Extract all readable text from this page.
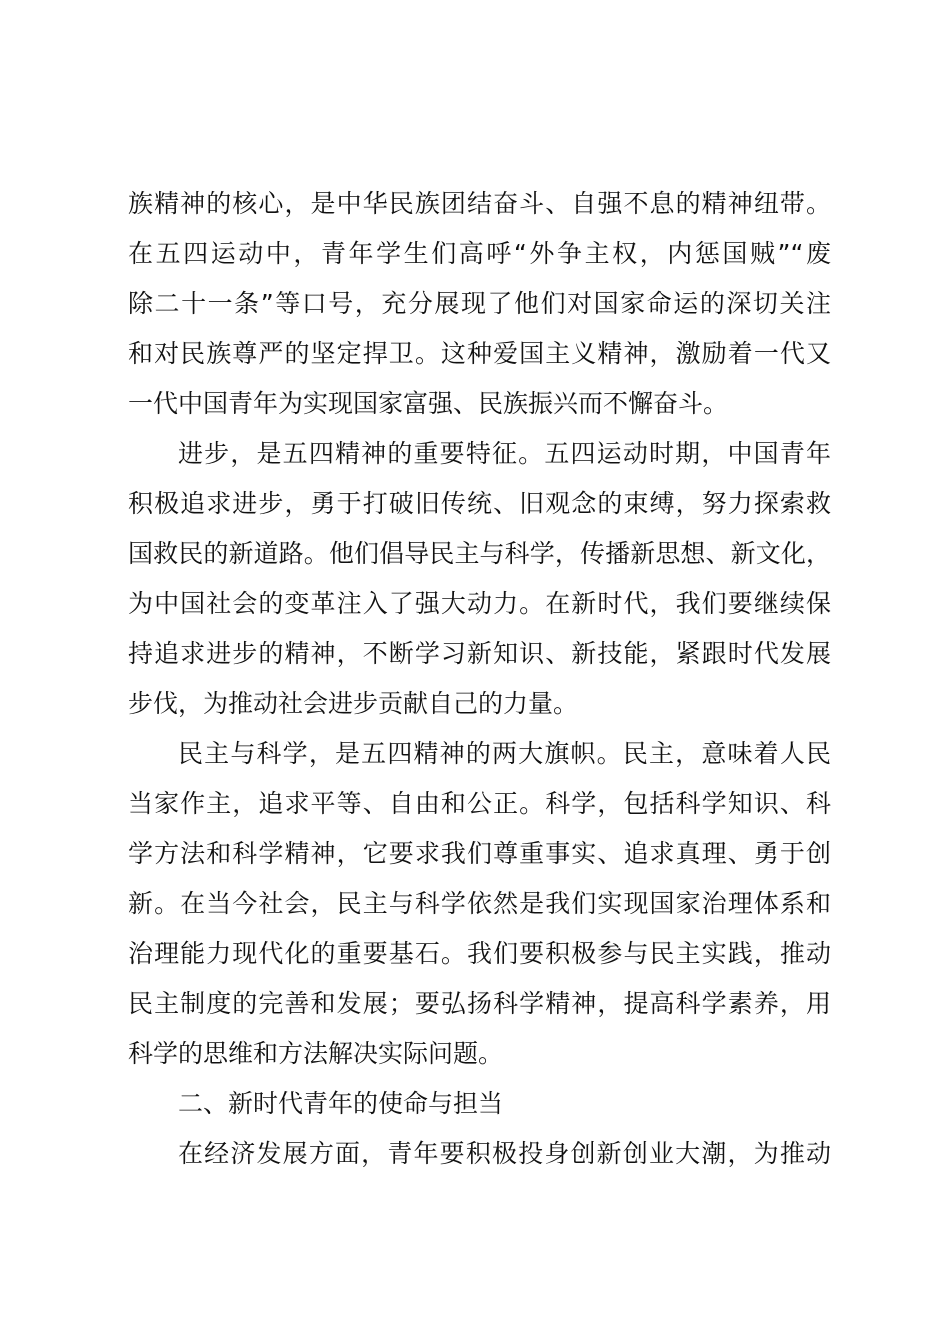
族精神的核心，是中华民族团结奋斗、自强不息的精神纽带。
在五四运动中，青年学生们高呼“外争主权，内惩国贼”“废
除二十一条”等口号，充分展现了他们对国家命运的深切关注
和对民族尊严的坚定捍卫。这种爱国主义精神，激励着一代又
一代中国青年为实现国家富强、民族振兴而不懈奋斗。
进步，是五四精神的重要特征。五四运动时期，中国青年
积极追求进步，勇于打破旧传统、旧观念的束缚，努力探索救
国救民的新道路。他们倡导民主与科学，传播新思想、新文化，
为中国社会的变革注入了强大动力。在新时代，我们要继续保
持追求进步的精神，不断学习新知识、新技能，紧跟时代发展
步伐，为推动社会进步贡献自己的力量。
民主与科学，是五四精神的两大旗帜。民主，意味着人民
当家作主，追求平等、自由和公正。科学，包括科学知识、科
学方法和科学精神，它要求我们尊重事实、追求真理、勇于创
新。在当今社会，民主与科学依然是我们实现国家治理体系和
治理能力现代化的重要基石。我们要积极参与民主实践，推动
民主制度的完善和发展；要弘扬科学精神，提高科学素养，用
科学的思维和方法解决实际问题。
二、新时代青年的使命与担当
在经济发展方面，青年要积极投身创新创业大潮，为推动
